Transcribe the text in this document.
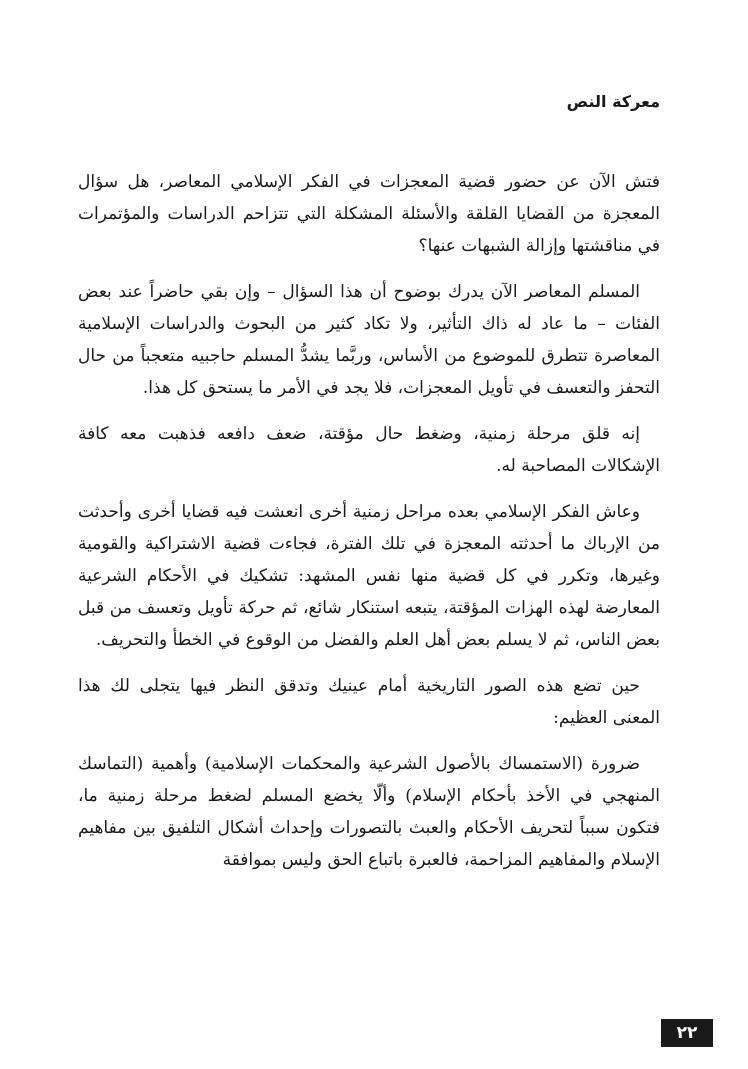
معركة النص

فتش الآن عن حضور قضية المعجزات في الفكر الإسلامي المعاصر، هل سؤال المعجزة من القضايا القلقة والأسئلة المشكلة التي تتزاحم الدراسات والمؤتمرات في مناقشتها وإزالة الشبهات عنها؟

المسلم المعاصر الآن يدرك بوضوح أن هذا السؤال – وإن بقي حاضراً عند بعض الفئات – ما عاد له ذاك التأثير، ولا تكاد كثير من البحوث والدراسات الإسلامية المعاصرة تتطرق للموضوع من الأساس، وربَّما يشدُّ المسلم حاجبيه متعجباً من حال التحفز والتعسف في تأويل المعجزات، فلا يجد في الأمر ما يستحق كل هذا.

إنه قلق مرحلة زمنية، وضغط حال مؤقتة، ضعف دافعه فذهبت معه كافة الإشكالات المصاحبة له.

وعاش الفكر الإسلامي بعده مراحل زمنية أخرى انعشت فيه قضايا أخرى وأحدثت من الإرباك ما أحدثته المعجزة في تلك الفترة، فجاءت قضية الاشتراكية والقومية وغيرها، وتكرر في كل قضية منها نفس المشهد: تشكيك في الأحكام الشرعية المعارضة لهذه الهزات المؤقتة، يتبعه استنكار شائع، ثم حركة تأويل وتعسف من قبل بعض الناس، ثم لا يسلم بعض أهل العلم والفضل من الوقوع في الخطأ والتحريف.

حين تضع هذه الصور التاريخية أمام عينيك وتدقق النظر فيها يتجلى لك هذا المعنى العظيم:

ضرورة (الاستمساك بالأصول الشرعية والمحكمات الإسلامية) وأهمية (التماسك المنهجي في الأخذ بأحكام الإسلام) وألّا يخضع المسلم لضغط مرحلة زمنية ما، فتكون سبباً لتحريف الأحكام والعبث بالتصورات وإحداث أشكال التلفيق بين مفاهيم الإسلام والمفاهيم المزاحمة، فالعبرة باتباع الحق وليس بموافقة

٢٢
